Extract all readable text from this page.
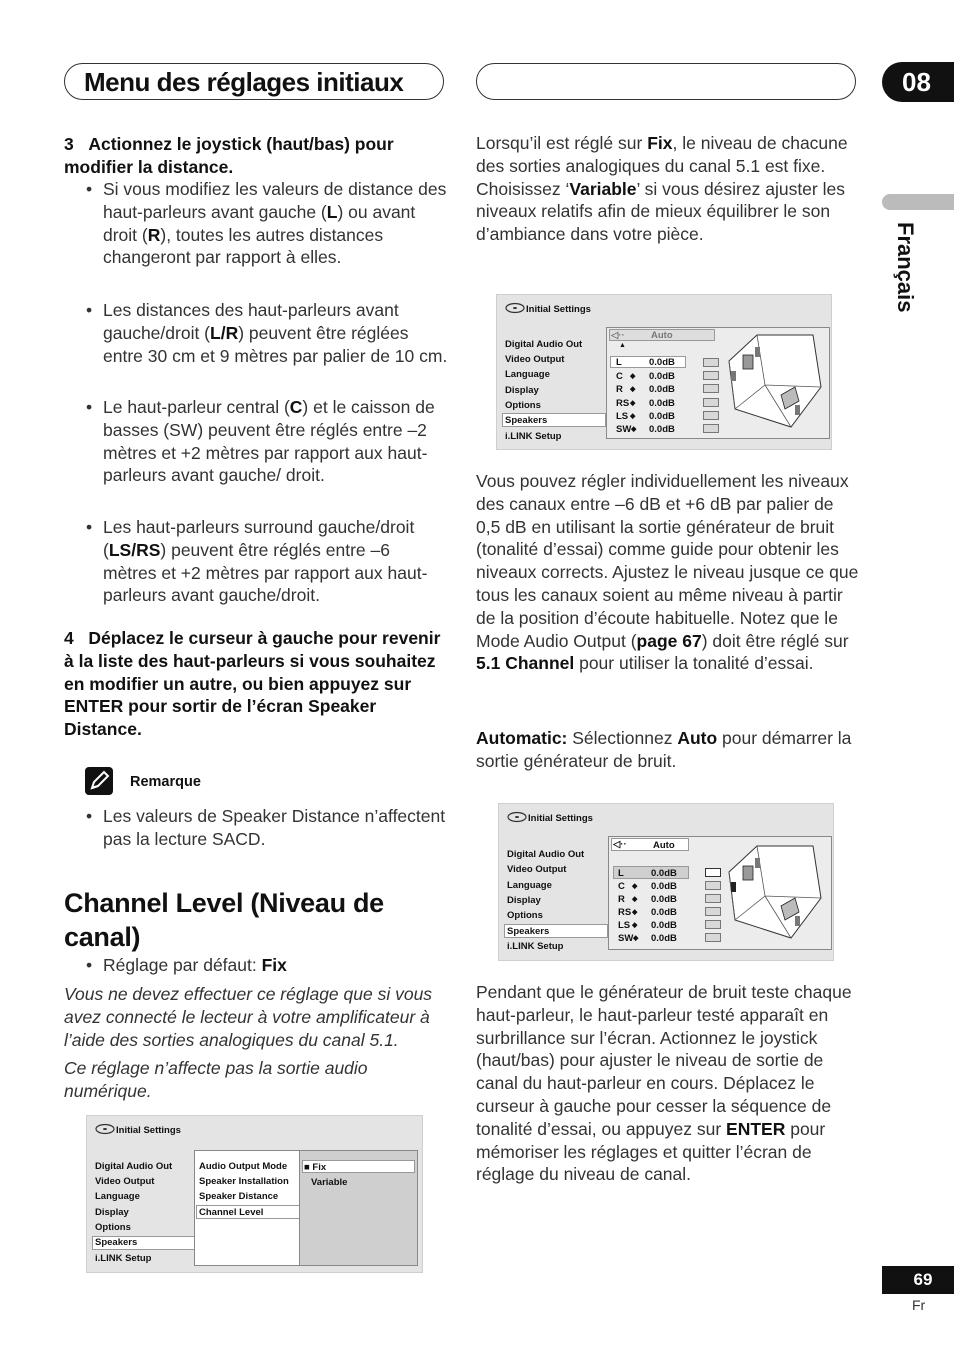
Menu des réglages initiaux	08
Français
3 Actionnez le joystick (haut/bas) pour modifier la distance.
• Si vous modifiez les valeurs de distance des haut-parleurs avant gauche (L) ou avant droit (R), toutes les autres distances changeront par rapport à elles.
• Les distances des haut-parleurs avant gauche/droit (L/R) peuvent être réglées entre 30 cm et 9 mètres par palier de 10 cm.
• Le haut-parleur central (C) et le caisson de basses (SW) peuvent être réglés entre –2 mètres et +2 mètres par rapport aux haut-parleurs avant gauche/ droit.
• Les haut-parleurs surround gauche/droit (LS/RS) peuvent être réglés entre –6 mètres et +2 mètres par rapport aux haut-parleurs avant gauche/droit.
4 Déplacez le curseur à gauche pour revenir à la liste des haut-parleurs si vous souhaitez en modifier un autre, ou bien appuyez sur ENTER pour sortir de l’écran Speaker Distance.
Remarque
• Les valeurs de Speaker Distance n’affectent pas la lecture SACD.
Channel Level (Niveau de canal)
• Réglage par défaut: Fix
Vous ne devez effectuer ce réglage que si vous avez connecté le lecteur à votre amplificateur à l’aide des sorties analogiques du canal 5.1.
Ce réglage n’affecte pas la sortie audio numérique.
Initial Settings
Digital Audio Out
Video Output
Language
Display
Options
Speakers
i.LINK Setup
Audio Output Mode
Speaker Installation
Speaker Distance
Channel Level
■ Fix
Variable
Lorsqu’il est réglé sur Fix, le niveau de chacune des sorties analogiques du canal 5.1 est fixe. Choisissez ‘Variable’ si vous désirez ajuster les niveaux relatifs afin de mieux équilibrer le son d’ambiance dans votre pièce.
Initial Settings
Digital Audio Out
Video Output
Language
Display
Options
Speakers
i.LINK Setup
◁··	Auto
▲
L	0.0dB
C ◆ 0.0dB
R ◆ 0.0dB
RS ◆ 0.0dB
LS ◆ 0.0dB
SW ◆ 0.0dB
Vous pouvez régler individuellement les niveaux des canaux entre –6 dB et +6 dB par palier de 0,5 dB en utilisant la sortie générateur de bruit (tonalité d’essai) comme guide pour obtenir les niveaux corrects. Ajustez le niveau jusque ce que tous les canaux soient au même niveau à partir de la position d’écoute habituelle. Notez que le Mode Audio Output (page 67) doit être réglé sur 5.1 Channel pour utiliser la tonalité d’essai.
Automatic: Sélectionnez Auto pour démarrer la sortie générateur de bruit.
Initial Settings
Digital Audio Out
Video Output
Language
Display
Options
Speakers
i.LINK Setup
◁··	Auto
L	0.0dB
C ◆ 0.0dB
R ◆ 0.0dB
RS ◆ 0.0dB
LS ◆ 0.0dB
SW ◆ 0.0dB
Pendant que le générateur de bruit teste chaque haut-parleur, le haut-parleur testé apparaît en surbrillance sur l’écran. Actionnez le joystick (haut/bas) pour ajuster le niveau de sortie de canal du haut-parleur en cours. Déplacez le curseur à gauche pour cesser la séquence de tonalité d’essai, ou appuyez sur ENTER pour mémoriser les réglages et quitter l’écran de réglage du niveau de canal.
69
Fr
